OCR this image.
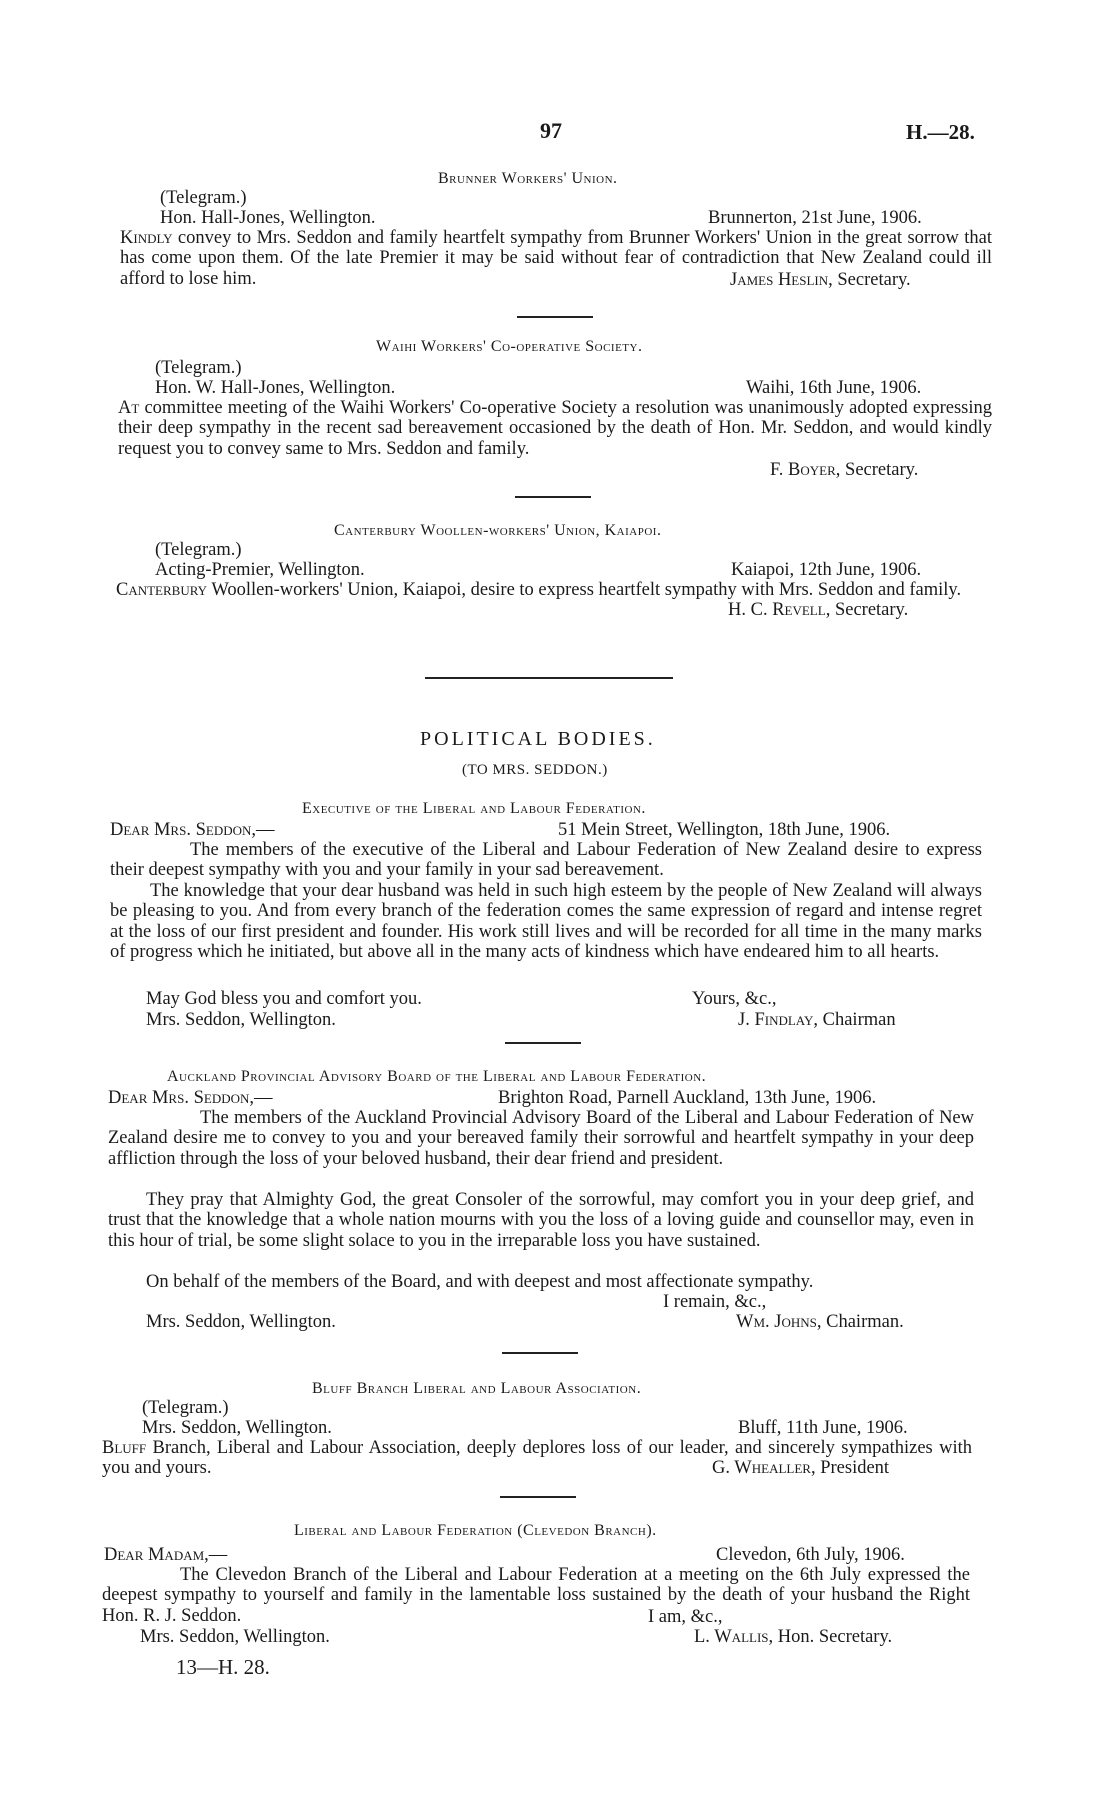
97	H.—28.
Brunner Workers' Union.
(Telegram.)
Hon. Hall-Jones, Wellington.	Brunnerton, 21st June, 1906.
Kindly convey to Mrs. Seddon and family heartfelt sympathy from Brunner Workers' Union in the great sorrow that has come upon them. Of the late Premier it may be said without fear of contradiction that New Zealand could ill afford to lose him.	James Heslin, Secretary.
Waihi Workers' Co-operative Society.
(Telegram.)
Hon. W. Hall-Jones, Wellington.	Waihi, 16th June, 1906.
At committee meeting of the Waihi Workers' Co-operative Society a resolution was unanimously adopted expressing their deep sympathy in the recent sad bereavement occasioned by the death of Hon. Mr. Seddon, and would kindly request you to convey same to Mrs. Seddon and family.
F. Boyer, Secretary.
Canterbury Woollen-workers' Union, Kaiapoi.
(Telegram.)
Acting-Premier, Wellington.	Kaiapoi, 12th June, 1906.
Canterbury Woollen-workers' Union, Kaiapoi, desire to express heartfelt sympathy with Mrs. Seddon and family.
H. C. Revell, Secretary.
POLITICAL BODIES.
(TO MRS. SEDDON.)
Executive of the Liberal and Labour Federation.
Dear Mrs. Seddon,—	51 Mein Street, Wellington, 18th June, 1906.
The members of the executive of the Liberal and Labour Federation of New Zealand desire to express their deepest sympathy with you and your family in your sad bereavement.
The knowledge that your dear husband was held in such high esteem by the people of New Zealand will always be pleasing to you. And from every branch of the federation comes the same expression of regard and intense regret at the loss of our first president and founder. His work still lives and will be recorded for all time in the many marks of progress which he initiated, but above all in the many acts of kindness which have endeared him to all hearts.
May God bless you and comfort you.	Yours, &c.,
Mrs. Seddon, Wellington.	J. Findlay, Chairman
Auckland Provincial Advisory Board of the Liberal and Labour Federation.
Dear Mrs. Seddon,—	Brighton Road, Parnell Auckland, 13th June, 1906.
The members of the Auckland Provincial Advisory Board of the Liberal and Labour Federation of New Zealand desire me to convey to you and your bereaved family their sorrowful and heartfelt sympathy in your deep affliction through the loss of your beloved husband, their dear friend and president.
They pray that Almighty God, the great Consoler of the sorrowful, may comfort you in your deep grief, and trust that the knowledge that a whole nation mourns with you the loss of a loving guide and counsellor may, even in this hour of trial, be some slight solace to you in the irreparable loss you have sustained.
On behalf of the members of the Board, and with deepest and most affectionate sympathy.
I remain, &c.,
Mrs. Seddon, Wellington.	Wm. Johns, Chairman.
Bluff Branch Liberal and Labour Association.
(Telegram.)
Mrs. Seddon, Wellington.	Bluff, 11th June, 1906.
Bluff Branch, Liberal and Labour Association, deeply deplores loss of our leader, and sincerely sympathizes with you and yours.	G. Whealler, President
Liberal and Labour Federation (Clevedon Branch).
Dear Madam,—	Clevedon, 6th July, 1906.
The Clevedon Branch of the Liberal and Labour Federation at a meeting on the 6th July expressed the deepest sympathy to yourself and family in the lamentable loss sustained by the death of your husband the Right Hon. R. J. Seddon.	I am, &c.,
Mrs. Seddon, Wellington.	L. Wallis, Hon. Secretary.
13—H. 28.
